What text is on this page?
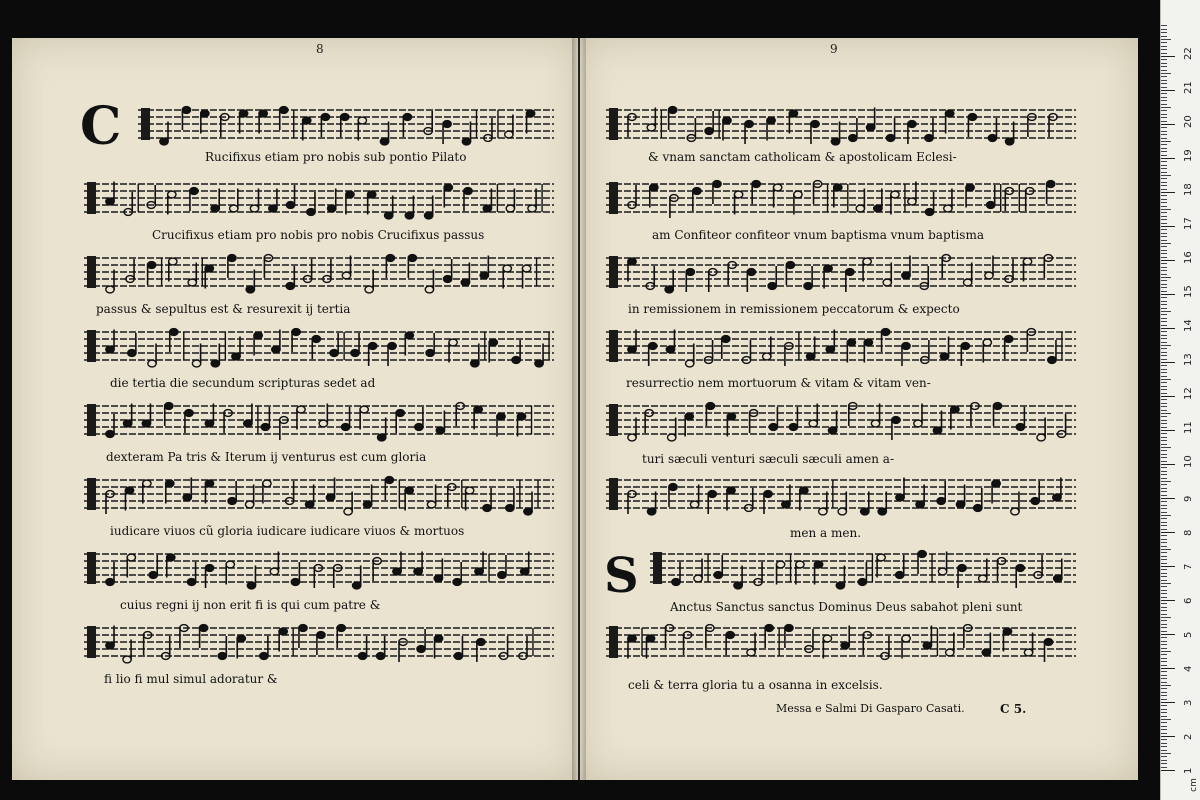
8	9
C
S
Rucifixus etiam pro nobis sub pontio Pilato
Crucifixus etiam pro nobis pro nobis Crucifixus passus
passus & sepultus est & resurexit ij tertia
die tertia die secundum scripturas sedet ad
dexteram Pa tris & Iterum ij venturus est cum gloria
iudicare viuos cũ gloria iudicare iudicare viuos & mortuos
cuius regni ij non erit fi is qui cum patre &
fi lio fi mul simul adoratur &
& vnam sanctam catholicam & apostolicam Eclesi-
am Confiteor confiteor vnum baptisma vnum baptisma
in remissionem in remissionem peccatorum & expecto
resurrectio nem mortuorum & vitam & vitam ven-
turi sæculi venturi sæculi sæculi amen a-
men a men.
Anctus Sanctus sanctus Dominus Deus sabahot pleni sunt
celi & terra gloria tu a osanna in excelsis.
Messa e Salmi Di Gasparo Casati.	C 5.
1
2
3
4
5
6
7
8
9
10
11
12
13
14
15
16
17
18
19
20
21
22
cm
